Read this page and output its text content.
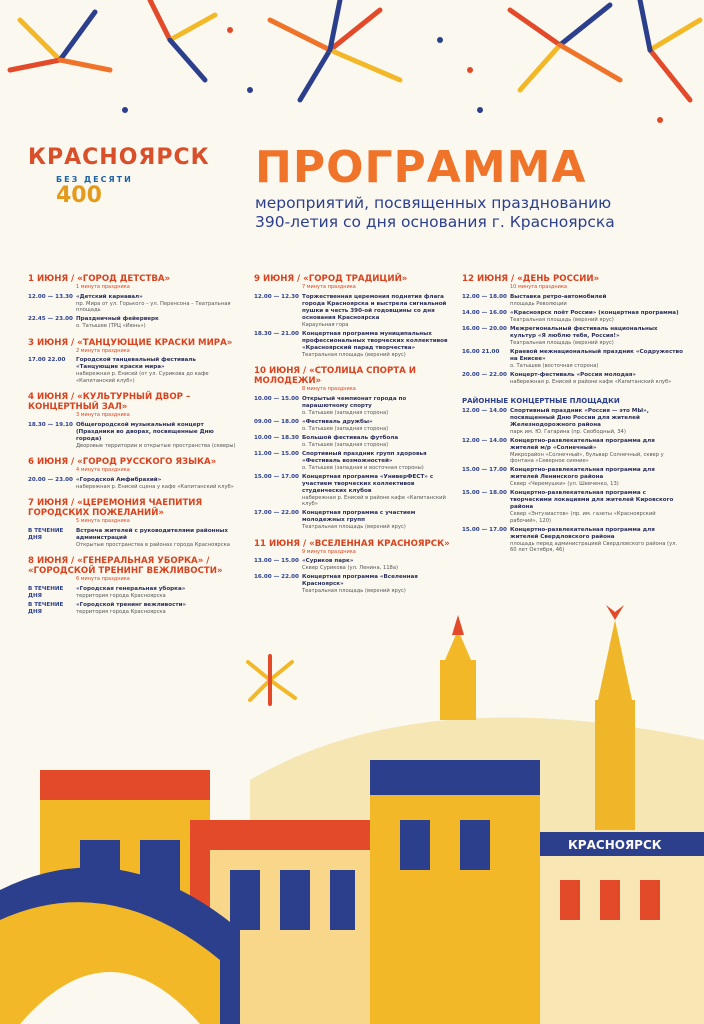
КРАСНОЯРСК
БЕЗ ДЕСЯТИ
400
ПРОГРАММА
мероприятий, посвященных празднованию
390-летия со дня основания г. Красноярска
1 ИЮНЯ / «ГОРОД ДЕТСТВА»
1 минута праздника
12.00 — 13.30 «Детский карнавал»
пр. Мира от ул. Горького – ул. Перенсона – Театральная площадь
22.45 — 23.00 Праздничный фейерверк
о. Татышев (ТРЦ «Июнь»)
3 ИЮНЯ / «ТАНЦУЮЩИЕ КРАСКИ МИРА»
2 минута праздника
17.00 22.00	Городской танцевальный фестиваль «Танцующие краски мира»
набережная р. Енисей (от ул. Сурикова до кафе «Капитанский клуб»)
4 ИЮНЯ / «КУЛЬТУРНЫЙ ДВОР – КОНЦЕРТНЫЙ ЗАЛ»
3 минута праздника
18.30 — 19.10 Общегородской музыкальный концерт (Праздники во дворах, посвященные Дню города)
Дворовые территории и открытые пространства (скверы)
6 ИЮНЯ / «ГОРОД РУССКОГО ЯЗЫКА»
4 минута праздника
20.00 — 23.00 «Городской Амфибрахий»
набережная р. Енисей сцена у кафе «Капитанский клуб»
7 ИЮНЯ / «ЦЕРЕМОНИЯ ЧАЕПИТИЯ ГОРОДСКИХ ПОЖЕЛАНИЙ»
5 минута праздника
В ТЕЧЕНИЕ ДНЯ
Встреча жителей с руководителями районных администраций
Открытые пространства в районах города Красноярска
8 ИЮНЯ / «ГЕНЕРАЛЬНАЯ УБОРКА» / «ГОРОДСКОЙ ТРЕНИНГ ВЕЖЛИВОСТИ»
6 минута праздника
В ТЕЧЕНИЕ ДНЯ
«Городская генеральная уборка»
территория города Красноярска
В ТЕЧЕНИЕ ДНЯ
«Городской тренинг вежливости»
территория города Красноярска
9 ИЮНЯ / «ГОРОД ТРАДИЦИЙ»
7 минута праздника
12.00 — 12.30 Торжественная церемония поднятия флага города Красноярска и выстрела сигнальной пушки в честь 390-ой годовщины со дня основания Красноярска
Караульная гора
18.30 — 21.00 Концертная программа муниципальных профессиональных творческих коллективов «Красноярский парад творчества»
Театральная площадь (верхний ярус)
10 ИЮНЯ / «СТОЛИЦА СПОРТА И МОЛОДЕЖИ»
8 минута праздника
10.00 — 15.00 Открытый чемпионат города по парашютному спорту
о. Татышев (западная сторона)
09.00 — 18.00 «Фестиваль дружбы»
о. Татышев (западная сторона)
10.00 — 18.30 Большой фестиваль футбола
о. Татышев (западная сторона)
11.00 — 15.00 Спортивный праздник групп здоровья «Фестиваль возможностей»
о. Татышев (западная и восточная стороны)
15.00 — 17.00 Концертная программа «УниверФЕСТ» с участием творческих коллективов студенческих клубов
набережная р. Енисей в районе кафе «Капитанский клуб»
17.00 — 22.00 Концертная программа с участием молодежных групп
Театральная площадь (верхний ярус)
11 ИЮНЯ / «ВСЕЛЕННАЯ КРАСНОЯРСК»
9 минута праздника
13.00 — 15.00 «Суриков парк»
Сквер Сурикова (ул. Ленина, 118а)
16.00 — 22.00 Концертная программа «Вселенная Красноярск»
Театральная площадь (верхний ярус)
12 ИЮНЯ / «ДЕНЬ РОССИИ»
10 минута праздника
12.00 — 18.00 Выставка ретро-автомобилей
площадь Революции
14.00 — 16.00 «Красноярск поёт России» (концертная программа)
Театральная площадь (верхний ярус)
16.00 — 20.00 Межрегиональный фестиваль национальных культур «Я люблю тебя, Россия!»
Театральная площадь (верхний ярус)
16.00 21.00	Краевой межнациональный праздник «Содружество на Енисее»
о. Татышев (восточная сторона)
20.00 — 22.00 Концерт-фестиваль «Россия молодая»
набережная р. Енисей в районе кафе «Капитанский клуб»
РАЙОННЫЕ КОНЦЕРТНЫЕ ПЛОЩАДКИ
12.00 — 14.00 Спортивный праздник «Россия — это МЫ», посвященный Дню России для жителей Железнодорожного района
парк им. Ю. Гагарина (пр. Свободный, 34)
12.00 — 14.00 Концертно-развлекательная программа для жителей м/р «Солнечный»
Микрорайон «Солнечный», бульвар Солнечный, сквер у фонтана «Северное сияние»
15.00 — 17.00 Концертно-развлекательная программа для жителей Ленинского района
Сквер «Черемушки» (ул. Шевченко, 13)
15.00 — 18.00 Концертно-развлекательная программа с творческими локациями для жителей Кировского района
Сквер «Энтузиастов» (пр. им. газеты «Красноярский рабочий», 120)
15.00 — 17.00 Концертно-развлекательная программа для жителей Свердловского района
площадь перед администрацией Свердловского района (ул. 60 лет Октября, 46)
КРАСНОЯРСК
